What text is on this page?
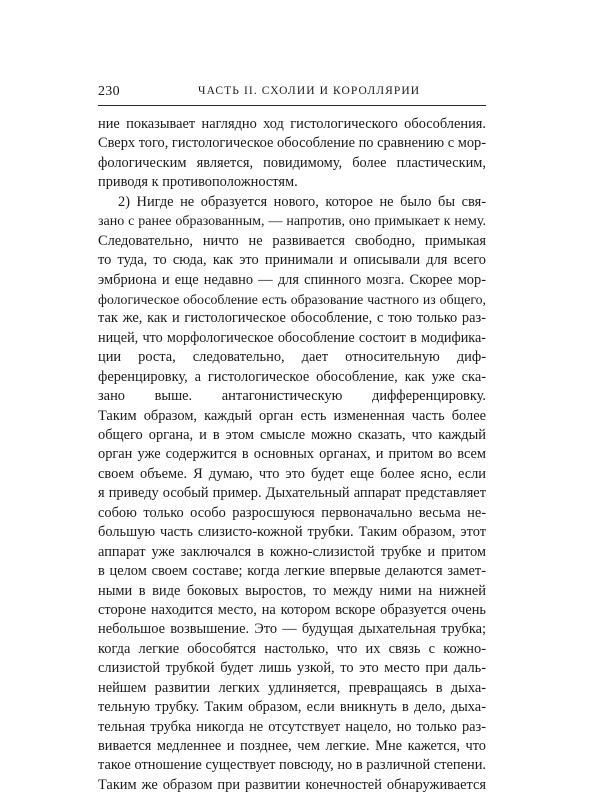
230	ЧАСТЬ II. СХОЛИИ И КОРОЛЛЯРИИ
ние показывает наглядно ход гистологического обособления.
Сверх того, гистологическое обособление по сравнению с мор-
фологическим является, повидимому, более пластическим,
приводя к противоположностям.
2) Нигде не образуется нового, которое не было бы свя-
зано с ранее образованным, — напротив, оно примыкает к нему.
Следовательно, ничто не развивается свободно, примыкая
то туда, то сюда, как это принимали и описывали для всего
эмбриона и еще недавно — для спинного мозга. Скорее мор-
фологическое обособление есть образование частного из общего,
так же, как и гистологическое обособление, с тою только раз-
ницей, что морфологическое обособление состоит в модифика-
ции роста, следовательно, дает относительную диф-
ференцировку, а гистологическое обособление, как уже ска-
зано выше. антагонистическую дифференцировку.
Таким образом, каждый орган есть измененная часть более
общего органа, и в этом смысле можно сказать, что каждый
орган уже содержится в основных органах, и притом во всем
своем объеме. Я думаю, что это будет еще более ясно, если
я приведу особый пример. Дыхательный аппарат представляет
собою только особо разросшуюся первоначально весьма не-
большую часть слизисто-кожной трубки. Таким образом, этот
аппарат уже заключался в кожно-слизистой трубке и притом
в целом своем составе; когда легкие впервые делаются замет-
ными в виде боковых выростов, то между ними на нижней
стороне находится место, на котором вскоре образуется очень
небольшое возвышение. Это — будущая дыхательная трубка;
когда легкие обособятся настолько, что их связь с кожно-
слизистой трубкой будет лишь узкой, то это место при даль-
нейшем развитии легких удлиняется, превращаясь в дыха-
тельную трубку. Таким образом, если вникнуть в дело, дыха-
тельная трубка никогда не отсутствует нацело, но только раз-
вивается медленнее и позднее, чем легкие. Мне кажется, что
такое отношение существует повсюду, но в различной степени.
Таким же образом при развитии конечностей обнаруживается
